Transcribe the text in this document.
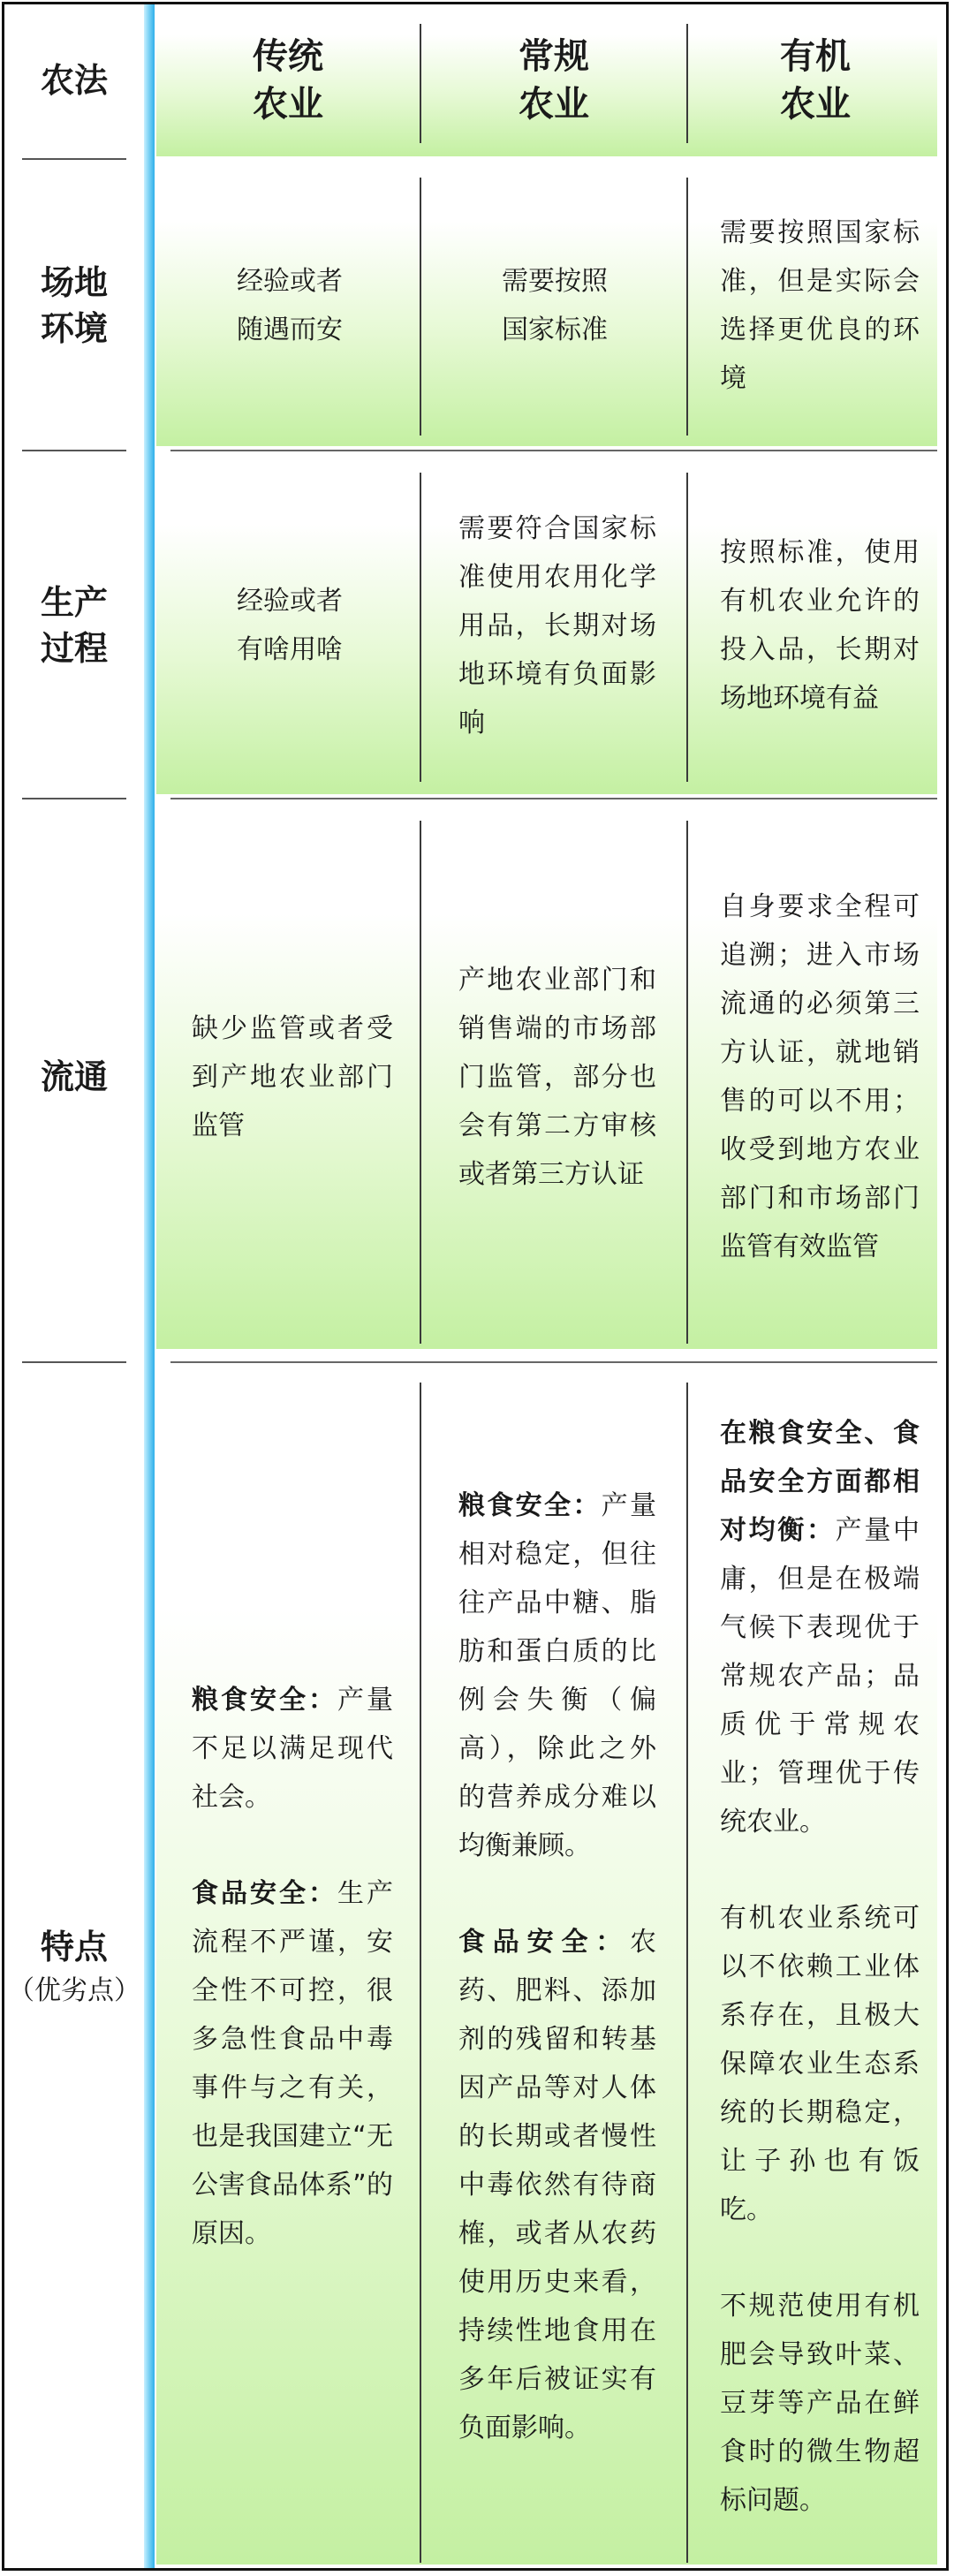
农法
传统
农业
常规
农业
有机
农业
场地
环境
经验或者
随遇而安
需要按照
国家标准
需要按照国家标准，但是实际会选择更优良的环境
生产
过程
经验或者
有啥用啥
需要符合国家标准使用农用化学用品，长期对场地环境有负面影响
按照标准，使用有机农业允许的投入品，长期对场地环境有益
流通
缺少监管或者受到产地农业部门监管
产地农业部门和销售端的市场部门监管，部分也会有第二方审核或者第三方认证
自身要求全程可追溯；进入市场流通的必须第三方认证，就地销售的可以不用；收受到地方农业部门和市场部门监管有效监管
特点
（优劣点）

粮食安全：产量不足以满足现代社会。

食品安全：生产流程不严谨，安全性不可控，很多急性食品中毒事件与之有关，也是我国建立“无公害食品体系”的原因。

粮食安全：产量相对稳定，但往往产品中糖、脂肪和蛋白质的比例会失衡（偏高），除此之外的营养成分难以均衡兼顾。

食品安全：农药、肥料、添加剂的残留和转基因产品等对人体的长期或者慢性中毒依然有待商榷，或者从农药使用历史来看，持续性地食用在多年后被证实有负面影响。

在粮食安全、食品安全方面都相对均衡：产量中庸，但是在极端气候下表现优于常规农产品；品质优于常规农业；管理优于传统农业。

有机农业系统可以不依赖工业体系存在，且极大保障农业生态系统的长期稳定，让子孙也有饭吃。

不规范使用有机肥会导致叶菜、豆芽等产品在鲜食时的微生物超标问题。
